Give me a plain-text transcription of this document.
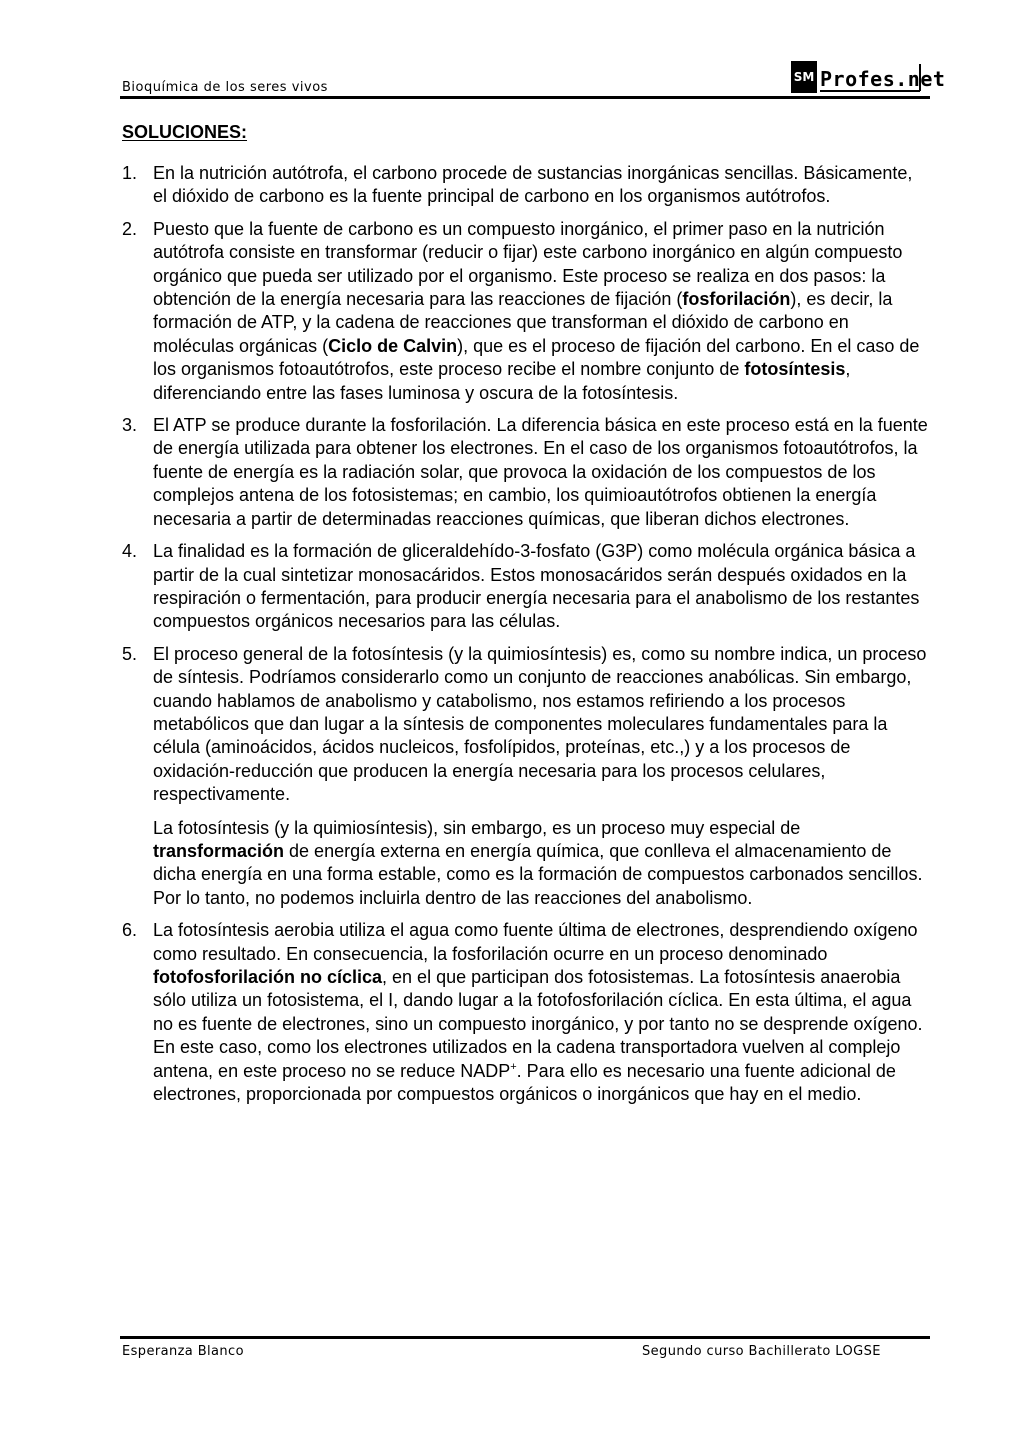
Bioquímica de los seres vivos
SM Profes.net
SOLUCIONES:
1. En la nutrición autótrofa, el carbono procede de sustancias inorgánicas sencillas. Básicamente, el dióxido de carbono es la fuente principal de carbono en los organismos autótrofos.

2. Puesto que la fuente de carbono es un compuesto inorgánico, el primer paso en la nutrición autótrofa consiste en transformar (reducir o fijar) este carbono inorgánico en algún compuesto orgánico que pueda ser utilizado por el organismo. Este proceso se realiza en dos pasos: la obtención de la energía necesaria para las reacciones de fijación (fosforilación), es decir, la formación de ATP, y la cadena de reacciones que transforman el dióxido de carbono en moléculas orgánicas (Ciclo de Calvin), que es el proceso de fijación del carbono. En el caso de los organismos fotoautótrofos, este proceso recibe el nombre conjunto de fotosíntesis, diferenciando entre las fases luminosa y oscura de la fotosíntesis.

3. El ATP se produce durante la fosforilación. La diferencia básica en este proceso está en la fuente de energía utilizada para obtener los electrones. En el caso de los organismos fotoautótrofos, la fuente de energía es la radiación solar, que provoca la oxidación de los compuestos de los complejos antena de los fotosistemas; en cambio, los quimioautótrofos obtienen la energía necesaria a partir de determinadas reacciones químicas, que liberan dichos electrones.

4. La finalidad es la formación de gliceraldehído-3-fosfato (G3P) como molécula orgánica básica a partir de la cual sintetizar monosacáridos. Estos monosacáridos serán después oxidados en la respiración o fermentación, para producir energía necesaria para el anabolismo de los restantes compuestos orgánicos necesarios para las células.

5. El proceso general de la fotosíntesis (y la quimiosíntesis) es, como su nombre indica, un proceso de síntesis. Podríamos considerarlo como un conjunto de reacciones anabólicas. Sin embargo, cuando hablamos de anabolismo y catabolismo, nos estamos refiriendo a los procesos metabólicos que dan lugar a la síntesis de componentes moleculares fundamentales para la célula (aminoácidos, ácidos nucleicos, fosfolípidos, proteínas, etc.,) y a los procesos de oxidación-reducción que producen la energía necesaria para los procesos celulares, respectivamente.

La fotosíntesis (y la quimiosíntesis), sin embargo, es un proceso muy especial de transformación de energía externa en energía química, que conlleva el almacenamiento de dicha energía en una forma estable, como es la formación de compuestos carbonados sencillos. Por lo tanto, no podemos incluirla dentro de las reacciones del anabolismo.

6. La fotosíntesis aerobia utiliza el agua como fuente última de electrones, desprendiendo oxígeno como resultado. En consecuencia, la fosforilación ocurre en un proceso denominado fotofosforilación no cíclica, en el que participan dos fotosistemas. La fotosíntesis anaerobia sólo utiliza un fotosistema, el I, dando lugar a la fotofosforilación cíclica. En esta última, el agua no es fuente de electrones, sino un compuesto inorgánico, y por tanto no se desprende oxígeno. En este caso, como los electrones utilizados en la cadena transportadora vuelven al complejo antena, en este proceso no se reduce NADP+. Para ello es necesario una fuente adicional de electrones, proporcionada por compuestos orgánicos o inorgánicos que hay en el medio.

Esperanza Blanco	Segundo curso Bachillerato LOGSE
